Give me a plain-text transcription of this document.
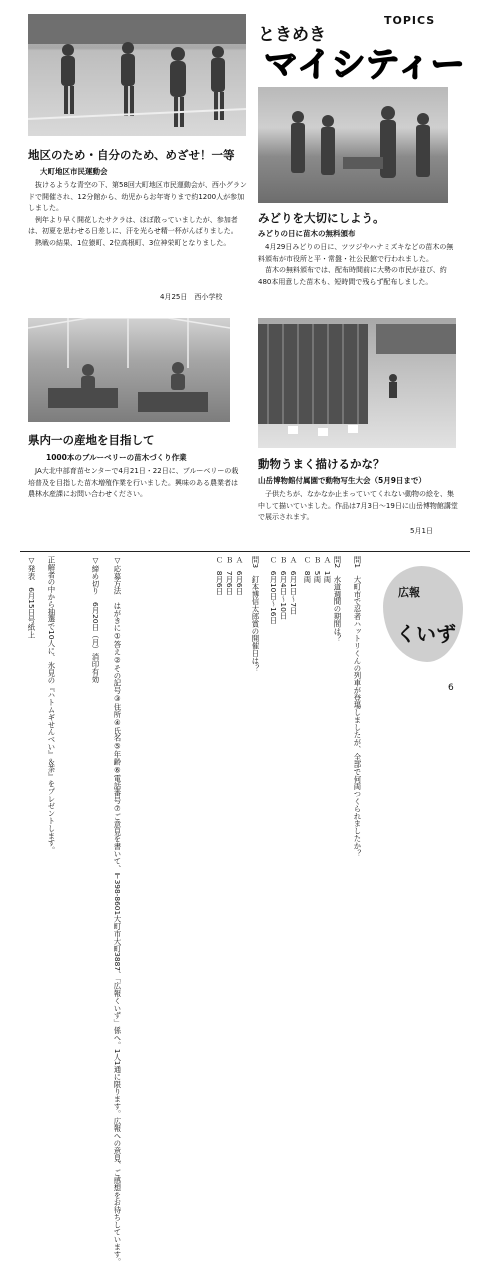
TOPICS
ときめき
マイシティー
地区のため・自分のため、めざせ！一等
大町地区市民運動会

抜けるような青空の下、第58回大町地区市民運動会が、西小グランドで開催され、12分館から、幼児からお年寄りまで約1200人が参加しました。

例年より早く開花したサクラは、ほぼ散っていましたが、参加者は、初夏を思わせる日差しに、汗を光らせ精一杯がんばりました。

熱戦の結果、1位猿町、2位高根町、3位神栄町となりました。

4月25日　西小学校
みどりを大切にしよう。
みどりの日に苗木の無料頒布

4月29日みどりの日に、ツツジやハナミズキなどの苗木の無料頒布が市役所と平・常盤・社公民館で行われました。

苗木の無料頒布では、配布時間前に大勢の市民が並び、約480本用意した苗木も、短時間で残らず配布しました。

県内一の産地を目指して
1000本のブルーベリーの苗木づくり作業

JA大北中部育苗センターで4月21日・22日に、ブルーベリーの栽培普及を目指した苗木増殖作業を行いました。興味のある農業者は農林水産課にお問い合わせください。

動物うまく描けるかな？
山岳博物館付属園で動物写生大会（5月9日まで）

子供たちが、なかなか止まっていてくれない動物の絵を、集中して描いていました。作品は7月3日～19日に山岳博物館講堂で展示されます。

5月1日
問1　大町市で忍者ハットリくんの列車が登場しましたが、全部で何両つくられましたか？
問2　水道週間の期間は？
Ａ　1両
Ｂ　5両
Ｃ　8両
Ａ　6月1日～7日
Ｂ　6月4日～10日
Ｃ　6月10日～16日
問3　釘本博信太郎賞の開催日は？
Ａ　6月6日
Ｂ　7月6日
Ｃ　8月6日
▽応募方法　はがきに①答え②その記号③住所④氏名⑤年齢⑥電話番号⑦ご意見を書いて、〒398-8601大町市大町3887、「広報くいず」係へ。1人1通に限ります。広報への意見、ご感想をお待ちしています。
▽締め切り　6月20日（月）消印有効
正解者の中から抽選で10人に、氷見の『ハトムギせんべい』＆茶』をプレゼントします。
▽発表　6月15日号紙上	広報
くいず
6
